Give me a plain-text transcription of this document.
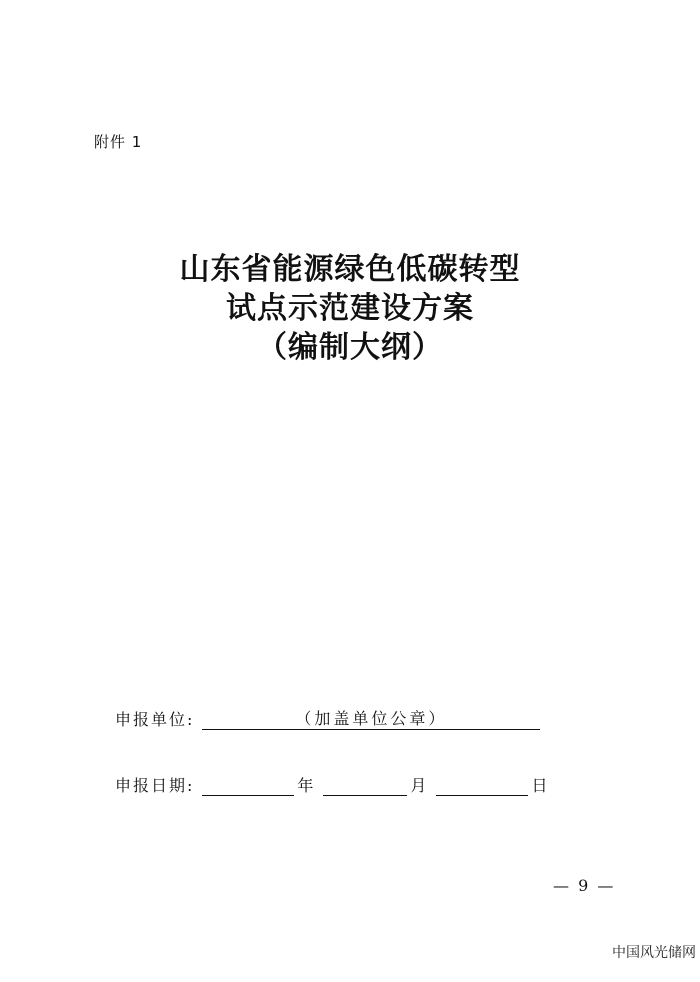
附件 1
山东省能源绿色低碳转型
试点示范建设方案
（编制大纲）
申报单位:	（加盖单位公章）
申报日期:	年	月	日
— 9 —
中国风光储网
